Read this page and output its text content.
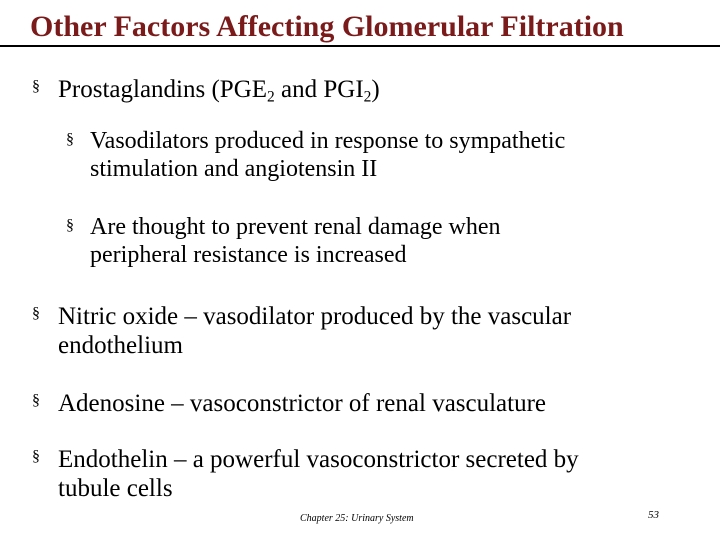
Other Factors Affecting Glomerular Filtration
§ Prostaglandins ($PGE_2$ and $PGI_2$)
§ Vasodilators produced in response to sympathetic
stimulation and angiotensin II
§ Are thought to prevent renal damage when
peripheral resistance is increased
§ Nitric oxide – vasodilator produced by the vascular
endothelium
§ Adenosine – vasoconstrictor of renal vasculature
§ Endothelin – a powerful vasoconstrictor secreted by
tubule cells
Chapter 25: Urinary System	53
